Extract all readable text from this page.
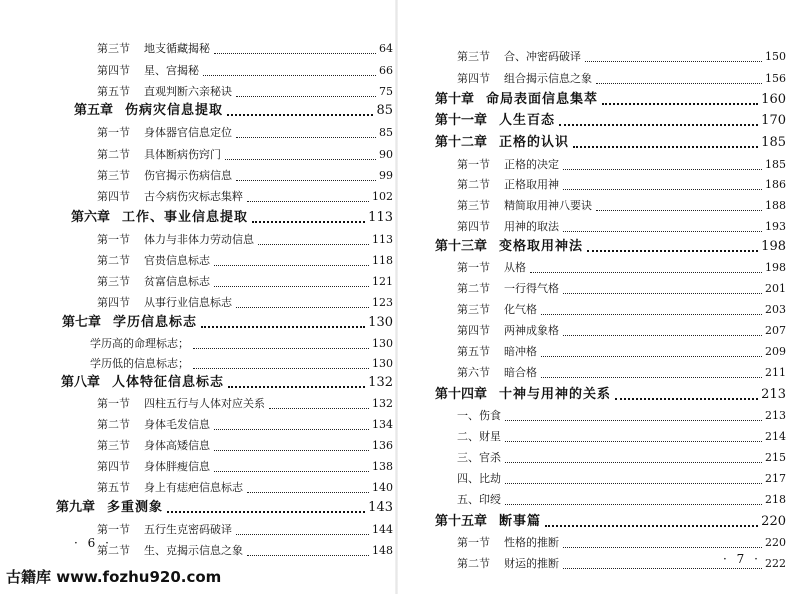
第三节 地支循藏揭秘	64
第四节 星、宫揭秘	66
第五节 直观判断六亲秘诀	75
第五章 伤病灾信息提取	85
第一节 身体器官信息定位	85
第二节 具体断病伤窍门	90
第三节 伤官揭示伤病信息	99
第四节 古今病伤灾标志集粹	102
第六章 工作、事业信息提取	113
第一节 体力与非体力劳动信息	113
第二节 官贵信息标志	118
第三节 贫富信息标志	121
第四节 从事行业信息标志	123
第七章 学历信息标志	130
学历高的命理标志；	130
学历低的信息标志；	130
第八章 人体特征信息标志	132
第一节 四柱五行与人体对应关系	132
第二节 身体毛发信息	134
第三节 身体高矮信息	136
第四节 身体胖瘦信息	138
第五节 身上有痣疤信息标志	140
第九章 多重测象	143
第一节 五行生克密码破译	144
第二节 生、克揭示信息之象	148
· 6 ·
第三节 合、冲密码破译	150
第四节 组合揭示信息之象	156
第十章 命局表面信息集萃	160
第十一章 人生百态	170
第十二章 正格的认识	185
第一节 正格的决定	185
第二节 正格取用神	186
第三节 精简取用神八要诀	188
第四节 用神的取法	193
第十三章 变格取用神法	198
第一节 从格	198
第二节 一行得气格	201
第三节 化气格	203
第四节 两神成象格	207
第五节 暗冲格	209
第六节 暗合格	211
第十四章 十神与用神的关系	213
一、伤食	213
二、财星	214
三、官杀	215
四、比劫	217
五、印绶	218
第十五章 断事篇	220
第一节 性格的推断	220
第二节 财运的推断	222
· 7 ·
古籍库 www.fozhu920.com
